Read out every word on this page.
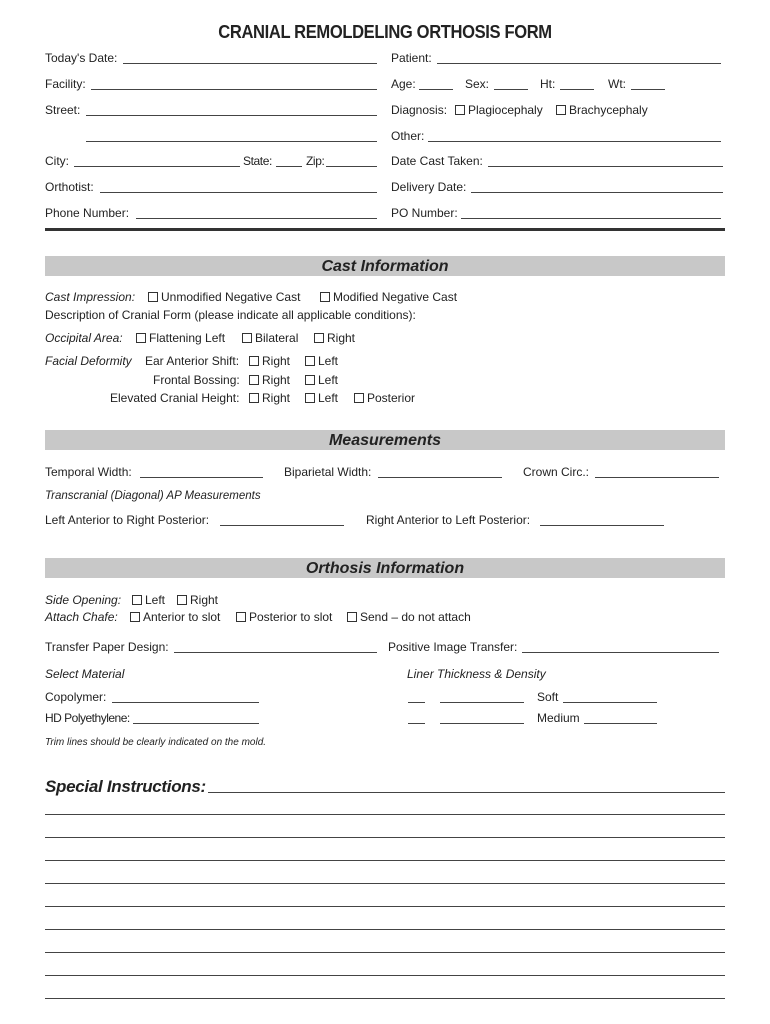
CRANIAL REMOLDELING ORTHOSIS FORM
Today's Date:	Patient:
Facility:	Age:	Sex:	Ht:	Wt:
Street:	Diagnosis:	Plagiocephaly	Brachycephaly
Other:
City:	State:	Zip:	Date Cast Taken:
Orthotist:	Delivery Date:
Phone Number:	PO Number:
Cast Information
Cast Impression:	Unmodified Negative Cast	Modified Negative Cast
Description of Cranial Form (please indicate all applicable conditions):
Occipital Area:	Flattening Left	Bilateral	Right
Facial Deformity Ear Anterior Shift:	Right	Left
Frontal Bossing:	Right	Left
Elevated Cranial Height:	Right	Left	Posterior
Measurements
Temporal Width:	Biparietal Width:	Crown Circ.:
Transcranial (Diagonal) AP Measurements
Left Anterior to Right Posterior:	Right Anterior to Left Posterior:
Orthosis Information
Side Opening:	Left	Right
Attach Chafe:	Anterior to slot	Posterior to slot	Send – do not attach
Transfer Paper Design:	Positive Image Transfer:
Select Material	Liner Thickness & Density
Copolymer:	Soft
HD Polyethylene:	Medium
Trim lines should be clearly indicated on the mold.
Special Instructions:
